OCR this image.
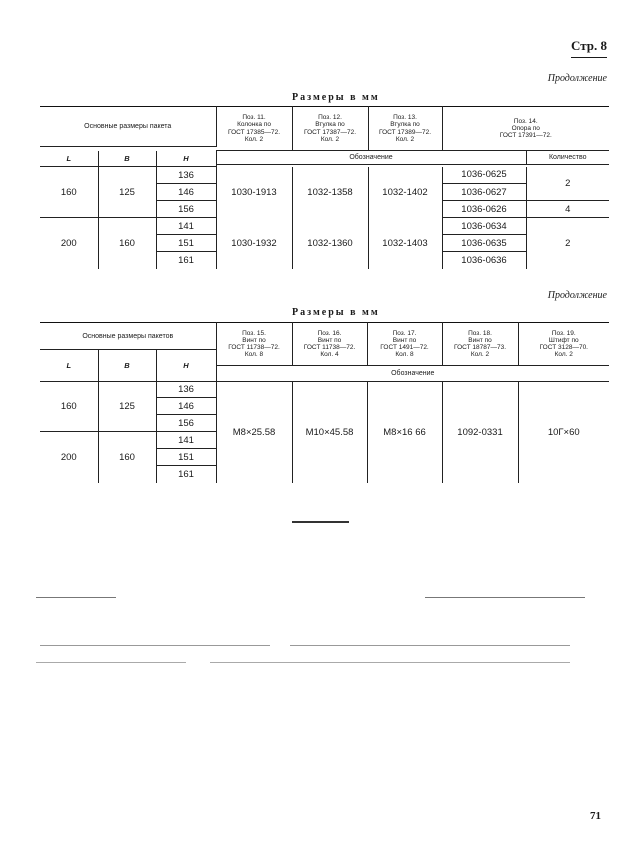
Стр. 8
Продолжение
Размеры в мм
Основные размеры пакета			Поз. 11.
Колонка по
ГОСТ 17385—72.
Кол. 2	Поз. 12.
Втулка по
ГОСТ 17387—72.
Кол. 2	Поз. 13.
Втулка по
ГОСТ 17389—72.
Кол. 2	Поз. 14.
Опора по
ГОСТ 17391—72.	

L	B	H	Обозначение				Количество

160	125	136	1030-1913	1032-1358	1032-1402	1036-0625	2
		146				1036-0627	
		156				1036-0626	4
200	160	141	1030-1932	1032-1360	1032-1403	1036-0634	2
		151				1036-0635	
		161				1036-0636	
Продолжение
Размеры в мм
Основные размеры пакетов			Поз. 15.
Винт по
ГОСТ 11738—72.
Кол. 8	Поз. 16.
Винт по
ГОСТ 11738—72.
Кол. 4	Поз. 17.
Винт по
ГОСТ 1491—72.
Кол. 8	Поз. 18.
Винт по
ГОСТ 18787—73.
Кол. 2	Поз. 19.
Штифт по
ГОСТ 3128—70.
Кол. 2
L	B	H					
			Обозначение				
160	125	136	M8×25.58	M10×45.58	M8×16 66	1092-0331	10Г×60
		146					
		156					
200	160	141					
		151					
		161					
71
